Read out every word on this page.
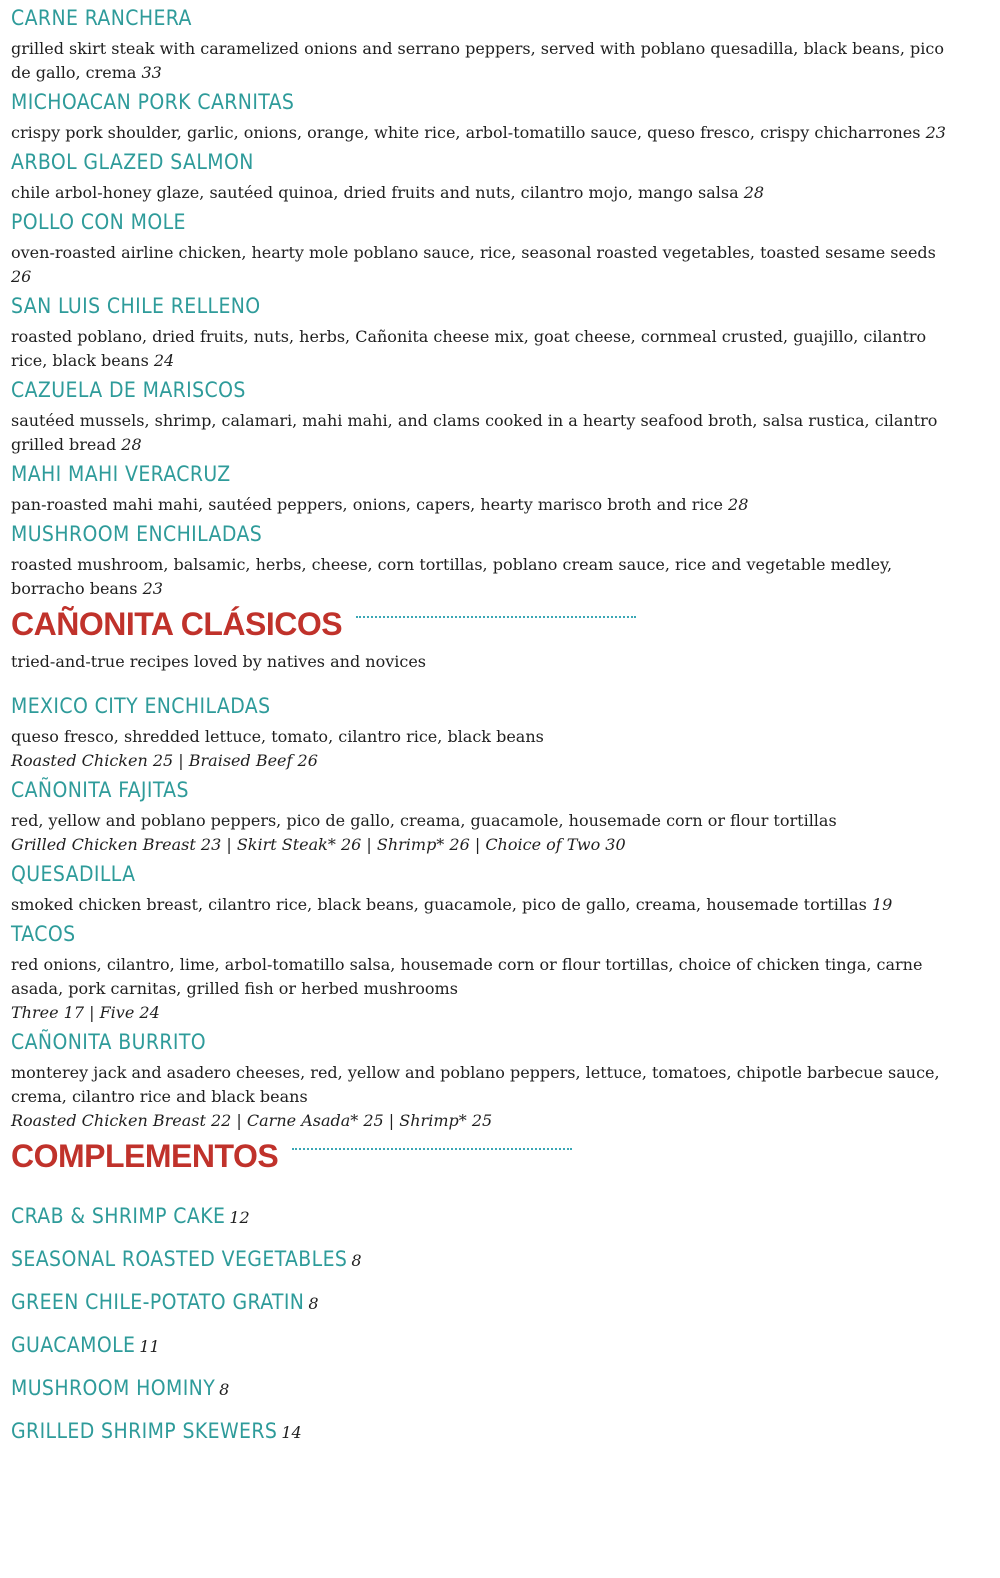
CARNE RANCHERA
grilled skirt steak with caramelized onions and serrano peppers, served with poblano quesadilla, black beans, pico de gallo, crema 33
MICHOACAN PORK CARNITAS
crispy pork shoulder, garlic, onions, orange, white rice, arbol-tomatillo sauce, queso fresco, crispy chicharrones 23
ARBOL GLAZED SALMON
chile arbol-honey glaze, sautéed quinoa, dried fruits and nuts, cilantro mojo, mango salsa 28
POLLO CON MOLE
oven-roasted airline chicken, hearty mole poblano sauce, rice, seasonal roasted vegetables, toasted sesame seeds 26
SAN LUIS CHILE RELLENO
roasted poblano, dried fruits, nuts, herbs, Cañonita cheese mix, goat cheese, cornmeal crusted, guajillo, cilantro rice, black beans 24
CAZUELA DE MARISCOS
sautéed mussels, shrimp, calamari, mahi mahi, and clams cooked in a hearty seafood broth, salsa rustica, cilantro grilled bread 28
MAHI MAHI VERACRUZ
pan-roasted mahi mahi, sautéed peppers, onions, capers, hearty marisco broth and rice 28
MUSHROOM ENCHILADAS
roasted mushroom, balsamic, herbs, cheese, corn tortillas, poblano cream sauce, rice and vegetable medley, borracho beans 23
CAÑONITA CLÁSICOS
tried-and-true recipes loved by natives and novices
MEXICO CITY ENCHILADAS
queso fresco, shredded lettuce, tomato, cilantro rice, black beans
Roasted Chicken 25 | Braised Beef 26
CAÑONITA FAJITAS
red, yellow and poblano peppers, pico de gallo, creama, guacamole, housemade corn or flour tortillas
Grilled Chicken Breast 23 | Skirt Steak* 26 | Shrimp* 26 | Choice of Two 30
QUESADILLA
smoked chicken breast, cilantro rice, black beans, guacamole, pico de gallo, creama, housemade tortillas 19
TACOS
red onions, cilantro, lime, arbol-tomatillo salsa, housemade corn or flour tortillas, choice of chicken tinga, carne asada, pork carnitas, grilled fish or herbed mushrooms
Three 17 | Five 24
CAÑONITA BURRITO
monterey jack and asadero cheeses, red, yellow and poblano peppers, lettuce, tomatoes, chipotle barbecue sauce, crema, cilantro rice and black beans
Roasted Chicken Breast 22 | Carne Asada* 25 | Shrimp* 25
COMPLEMENTOS
CRAB & SHRIMP CAKE 12
SEASONAL ROASTED VEGETABLES 8
GREEN CHILE-POTATO GRATIN 8
GUACAMOLE 11
MUSHROOM HOMINY 8
GRILLED SHRIMP SKEWERS 14
